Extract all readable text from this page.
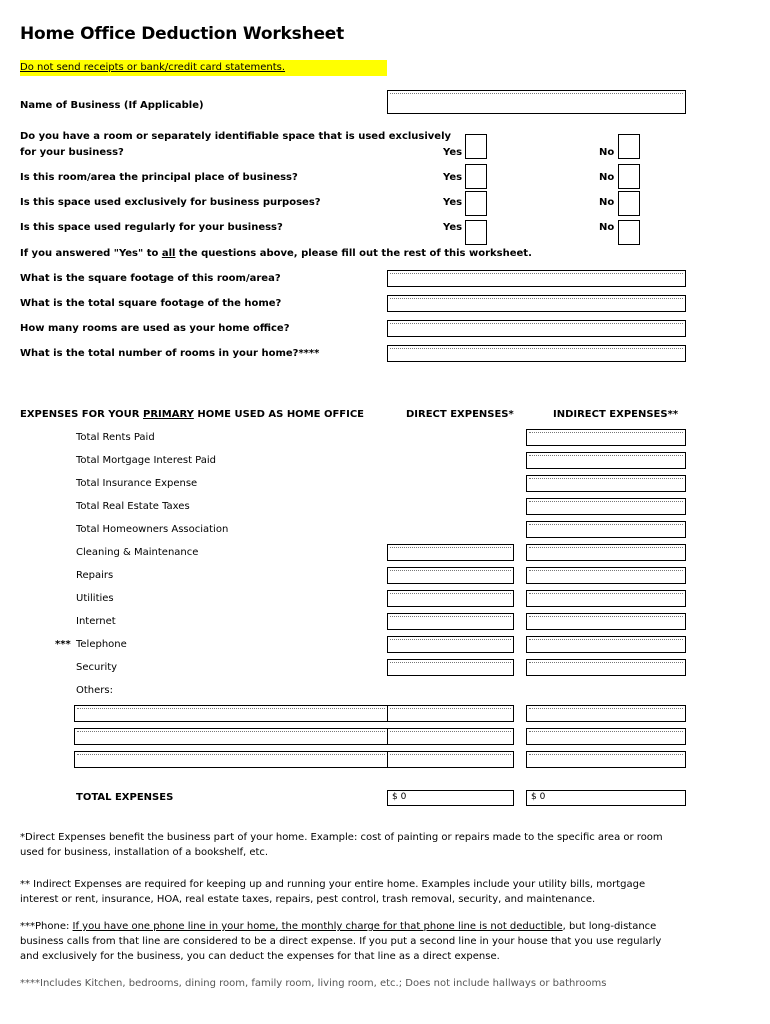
Home Office Deduction Worksheet
Do not send receipts or bank/credit card statements.
Name of Business (If Applicable)
Do you have a room or separately identifiable space that is used exclusively
for your business?	Yes	No
Is this room/area the principal place of business?	Yes	No
Is this space used exclusively for business purposes?	Yes	No
Is this space used regularly for your business?	Yes	No
If you answered "Yes" to all the questions above, please fill out the rest of this worksheet.
What is the square footage of this room/area?
What is the total square footage of the home?
How many rooms are used as your home office?
What is the total number of rooms in your home?****
EXPENSES FOR YOUR PRIMARY HOME USED AS HOME OFFICE	DIRECT EXPENSES*	INDIRECT EXPENSES**
Total Rents Paid
Total Mortgage Interest Paid
Total Insurance Expense
Total Real Estate Taxes
Total Homeowners Association
Cleaning & Maintenance
Repairs
Utilities
Internet
*** Telephone
Security
Others:
TOTAL EXPENSES	$ 0	$ 0
*Direct Expenses benefit the business part of your home. Example: cost of painting or repairs made to the specific area or room used for business, installation of a bookshelf, etc.
** Indirect Expenses are required for keeping up and running your entire home. Examples include your utility bills, mortgage interest or rent, insurance, HOA, real estate taxes, repairs, pest control, trash removal, security, and maintenance.
***Phone: If you have one phone line in your home, the monthly charge for that phone line is not deductible, but long-distance business calls from that line are considered to be a direct expense. If you put a second line in your house that you use regularly and exclusively for the business, you can deduct the expenses for that line as a direct expense.
****Includes Kitchen, bedrooms, dining room, family room, living room, etc.; Does not include hallways or bathrooms
